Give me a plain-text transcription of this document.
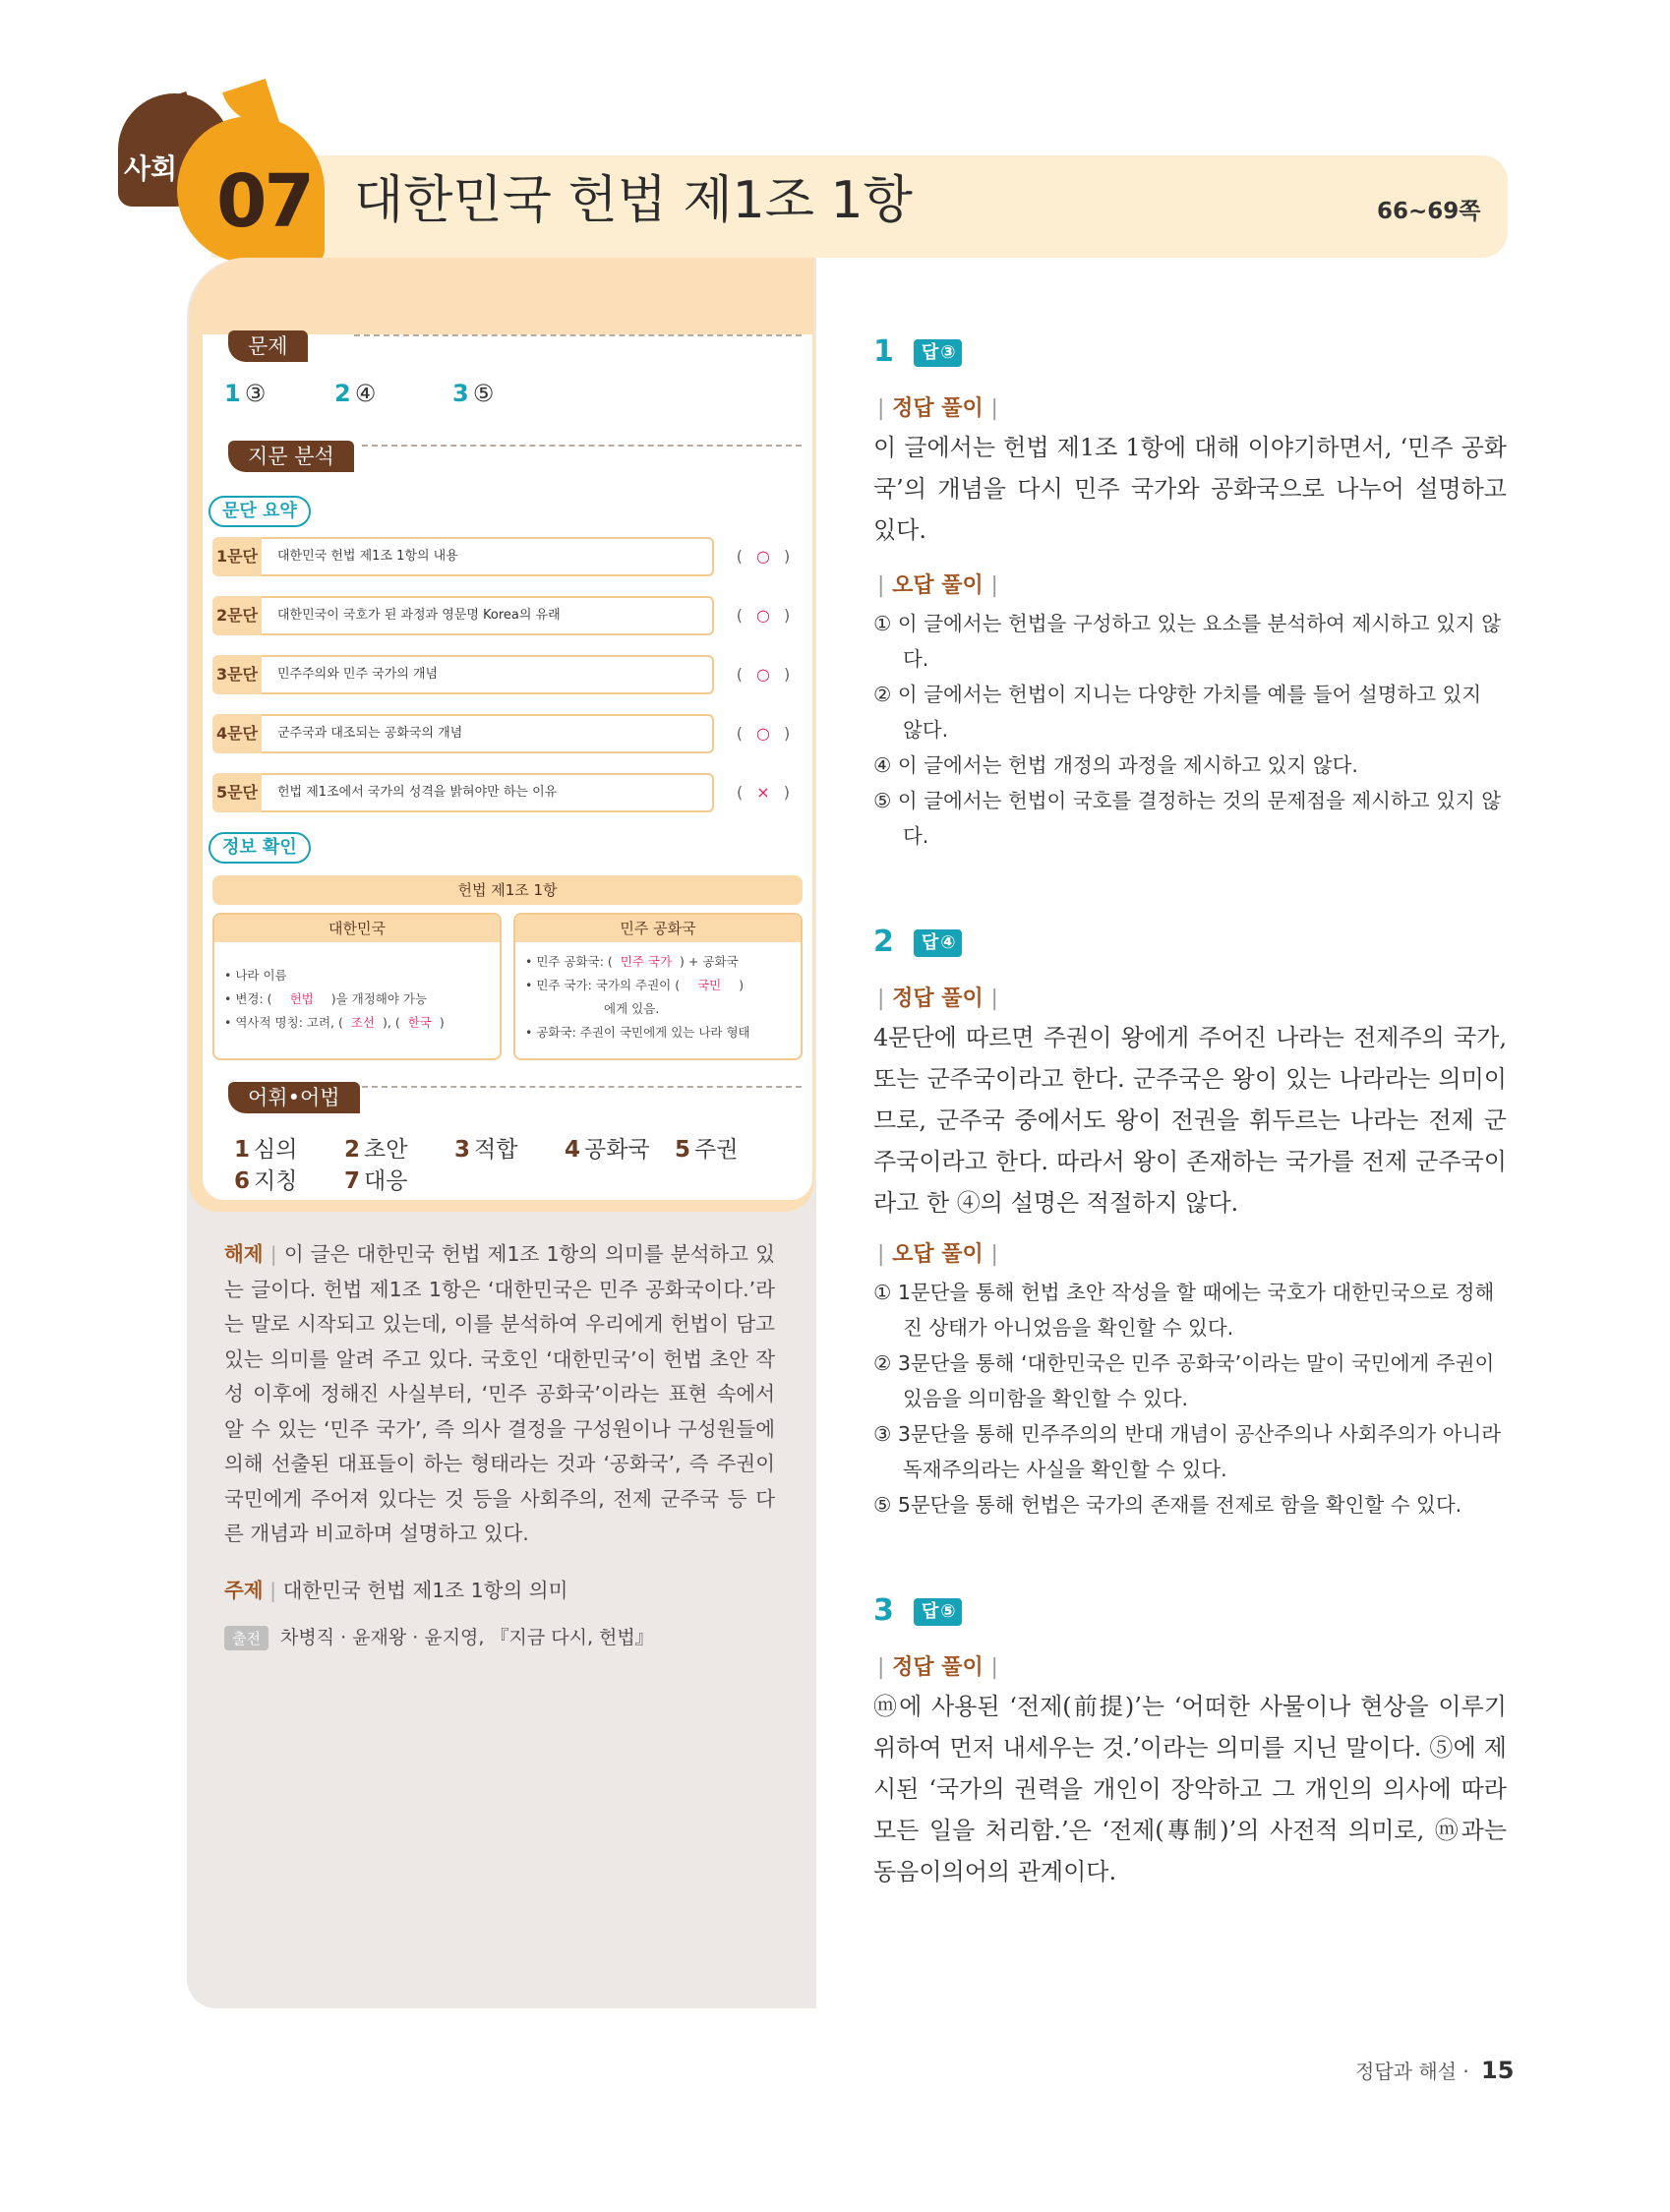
사회 07 대한민국 헌법 제1조 1항	66~69쪽
문제
1 ③	2 ④	3 ⑤
지문 분석
문단 요약
1문단	대한민국 헌법 제1조 1항의 내용	( ○ )
2문단	대한민국이 국호가 된 과정과 영문명 Korea의 유래	( ○ )
3문단	민주주의와 민주 국가의 개념	( ○ )
4문단	군주국과 대조되는 공화국의 개념	( ○ )
5문단	헌법 제1조에서 국가의 성격을 밝혀야만 하는 이유	( × )
정보 확인
헌법 제1조 1항
대한민국
• 나라 이름
• 변경: ( 헌법 )을 개정해야 가능
• 역사적 명칭: 고려, ( 조선 ), ( 한국 )
민주 공화국
• 민주 공화국: ( 민주 국가 ) + 공화국
• 민주 국가: 국가의 주권이 ( 국민 )
에게 있음.
• 공화국: 주권이 국민에게 있는 나라 형태
어휘•어법
1 심의 2 초안 3 적합 4 공화국 5 주권
6 지칭 7 대응
해제 | 이 글은 대한민국 헌법 제1조 1항의 의미를 분석하고 있는 글이다. 헌법 제1조 1항은 ‘대한민국은 민주 공화국이다.’라는 말로 시작되고 있는데, 이를 분석하여 우리에게 헌법이 담고 있는 의미를 알려 주고 있다. 국호인 ‘대한민국’이 헌법 초안 작성 이후에 정해진 사실부터, ‘민주 공화국’이라는 표현 속에서 알 수 있는 ‘민주 국가’, 즉 의사 결정을 구성원이나 구성원들에 의해 선출된 대표들이 하는 형태라는 것과 ‘공화국’, 즉 주권이 국민에게 주어져 있다는 것 등을 사회주의, 전제 군주국 등 다른 개념과 비교하며 설명하고 있다.
주제 | 대한민국 헌법 제1조 1항의 의미
출전 차병직 · 윤재왕 · 윤지영, 『지금 다시, 헌법』
1 답 ③
| 정답 풀이 |
이 글에서는 헌법 제1조 1항에 대해 이야기하면서, ‘민주 공화국’의 개념을 다시 민주 국가와 공화국으로 나누어 설명하고 있다.
| 오답 풀이 |
① 이 글에서는 헌법을 구성하고 있는 요소를 분석하여 제시하고 있지 않다.
② 이 글에서는 헌법이 지니는 다양한 가치를 예를 들어 설명하고 있지 않다.
④ 이 글에서는 헌법 개정의 과정을 제시하고 있지 않다.
⑤ 이 글에서는 헌법이 국호를 결정하는 것의 문제점을 제시하고 있지 않다.
2 답 ④
| 정답 풀이 |
4문단에 따르면 주권이 왕에게 주어진 나라는 전제주의 국가, 또는 군주국이라고 한다. 군주국은 왕이 있는 나라라는 의미이므로, 군주국 중에서도 왕이 전권을 휘두르는 나라는 전제 군주국이라고 한다. 따라서 왕이 존재하는 국가를 전제 군주국이라고 한 ④의 설명은 적절하지 않다.
| 오답 풀이 |
① 1문단을 통해 헌법 초안 작성을 할 때에는 국호가 대한민국으로 정해진 상태가 아니었음을 확인할 수 있다.
② 3문단을 통해 ‘대한민국은 민주 공화국’이라는 말이 국민에게 주권이 있음을 의미함을 확인할 수 있다.
③ 3문단을 통해 민주주의의 반대 개념이 공산주의나 사회주의가 아니라 독재주의라는 사실을 확인할 수 있다.
⑤ 5문단을 통해 헌법은 국가의 존재를 전제로 함을 확인할 수 있다.
3 답 ⑤
| 정답 풀이 |
ⓜ에 사용된 ‘전제(前提)’는 ‘어떠한 사물이나 현상을 이루기 위하여 먼저 내세우는 것.’이라는 의미를 지닌 말이다. ⑤에 제시된 ‘국가의 권력을 개인이 장악하고 그 개인의 의사에 따라 모든 일을 처리함.’은 ‘전제(專制)’의 사전적 의미로, ⓜ과는 동음이의어의 관계이다.
정답과 해설 · 15
